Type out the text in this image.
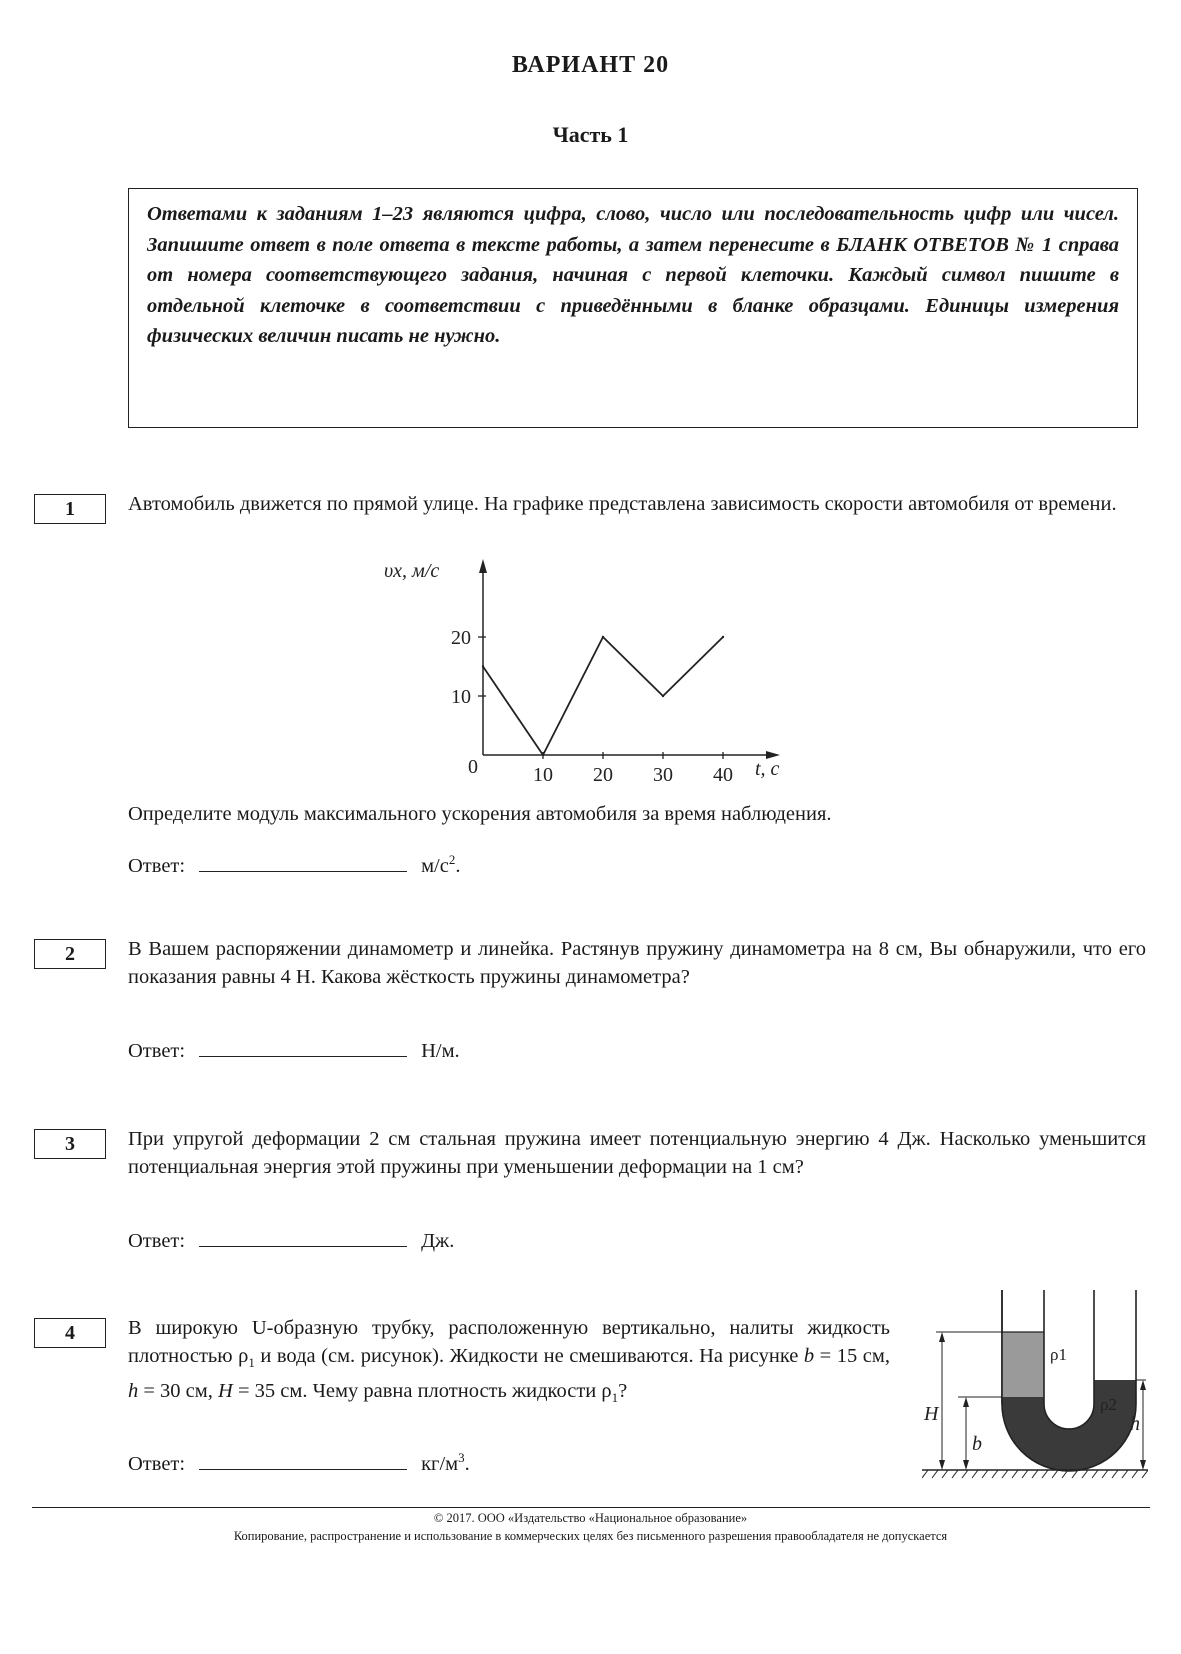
ВАРИАНТ 20
Часть 1
Ответами к заданиям 1–23 являются цифра, слово, число или последовательность цифр или чисел. Запишите ответ в поле ответа в тексте работы, а затем перенесите в БЛАНК ОТВЕТОВ № 1 справа от номера соответствующего задания, начиная с первой клеточки. Каждый символ пишите в отдельной клеточке в соответствии с приведёнными в бланке образцами. Единицы измерения физических величин писать не нужно.
1	Автомобиль движется по прямой улице. На графике представлена зависимость скорости автомобиля от времени.
υx, м/с
t, с
10
20
0	10 20 30 40
Определите модуль максимального ускорения автомобиля за время наблюдения.
Ответ:	$м/с^2$.
2	В Вашем распоряжении динамометр и линейка. Растянув пружину динамометра на 8 см, Вы обнаружили, что его показания равны 4 Н. Какова жёсткость пружины динамометра?
Ответ:	Н/м.
3	При упругой деформации 2 см стальная пружина имеет потенциальную энергию 4 Дж. Насколько уменьшится потенциальная энергия этой пружины при уменьшении деформации на 1 см?
Ответ:	Дж.
4	В широкую U-образную трубку, расположенную вертикально, налиты жидкость плотностью $\rho_1$ и вода (см. рисунок). Жидкости не смешиваются. На рисунке b = 15 см, h = 30 см, H = 35 см. Чему равна плотность жидкости $\rho_1$?
Ответ:	$кг/м^3$.
H
b
h
ρ1
ρ2
© 2017. ООО «Издательство «Национальное образование»
Копирование, распространение и использование в коммерческих целях без письменного разрешения правообладателя не допускается
